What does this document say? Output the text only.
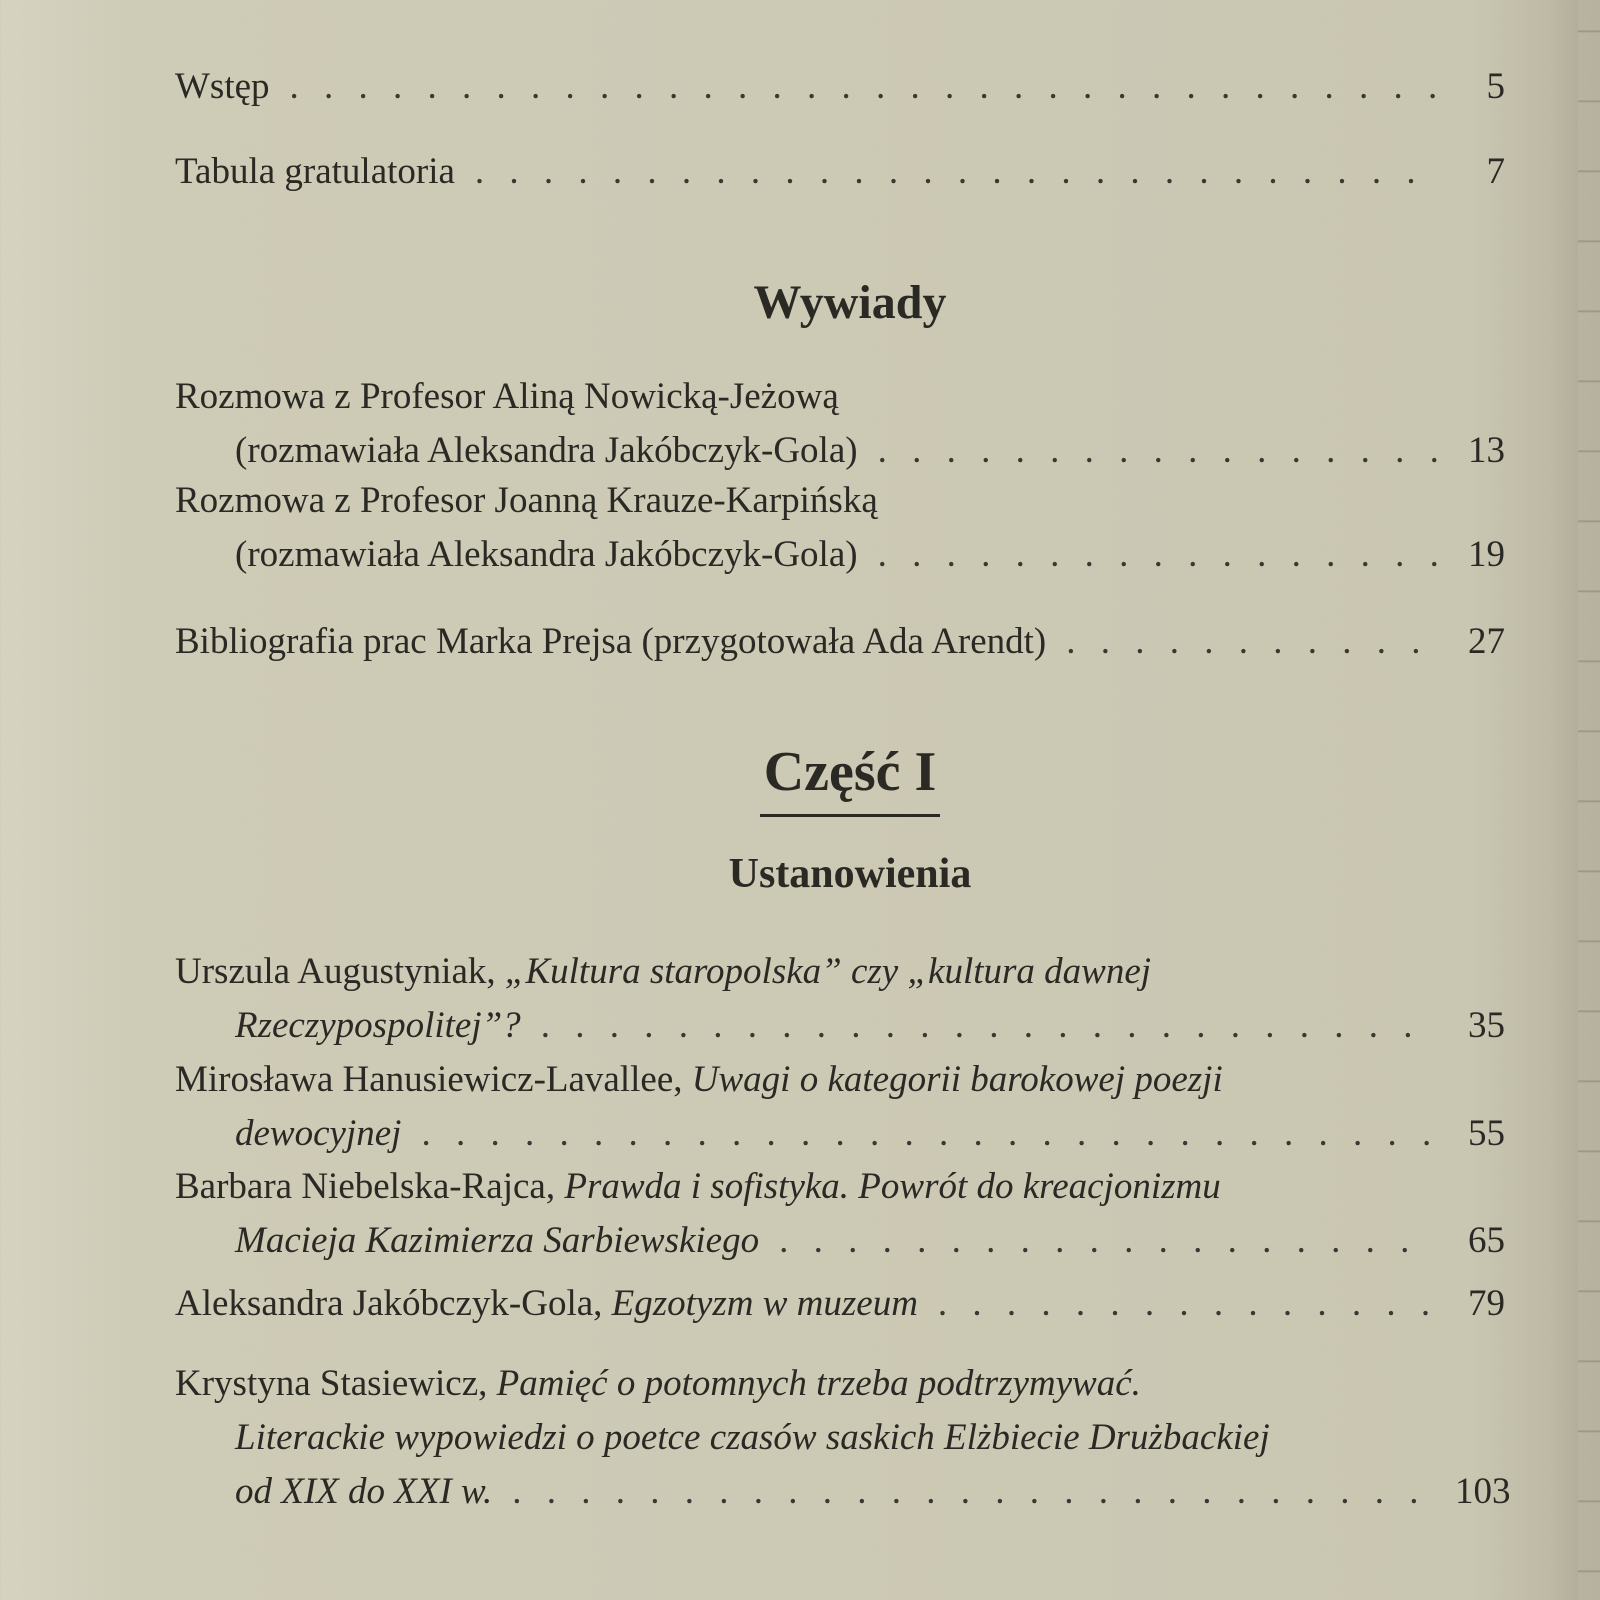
Wstęp . . .	5
Tabula gratulatoria . . .	7
Wywiady
Rozmowa z Profesor Aliną Nowicką-Jeżową
(rozmawiała Aleksandra Jakóbczyk-Gola) . . .	13
Rozmowa z Profesor Joanną Krauze-Karpińską
(rozmawiała Aleksandra Jakóbczyk-Gola) . . .	19
Bibliografia prac Marka Prejsa (przygotowała Ada Arendt) . . .	27
Część I
Ustanowienia
Urszula Augustyniak,
„Kultura staropolska” czy „kultura dawnej
Rzeczypospolitej”? . . .	35
Mirosława Hanusiewicz-Lavallee,
Uwagi o kategorii barokowej poezji
dewocyjnej . . .	55
Barbara Niebelska-Rajca,
Prawda i sofistyka. Powrót do kreacjonizmu
Macieja Kazimierza Sarbiewskiego . . .	65
Aleksandra Jakóbczyk-Gola,
Egzotyzm w muzeum . . .	79
Krystyna Stasiewicz,
Pamięć o potomnych trzeba podtrzymywać.
Literackie wypowiedzi o poetce czasów saskich Elżbiecie Drużbackiej
od XIX do XXI w. . . .	103
